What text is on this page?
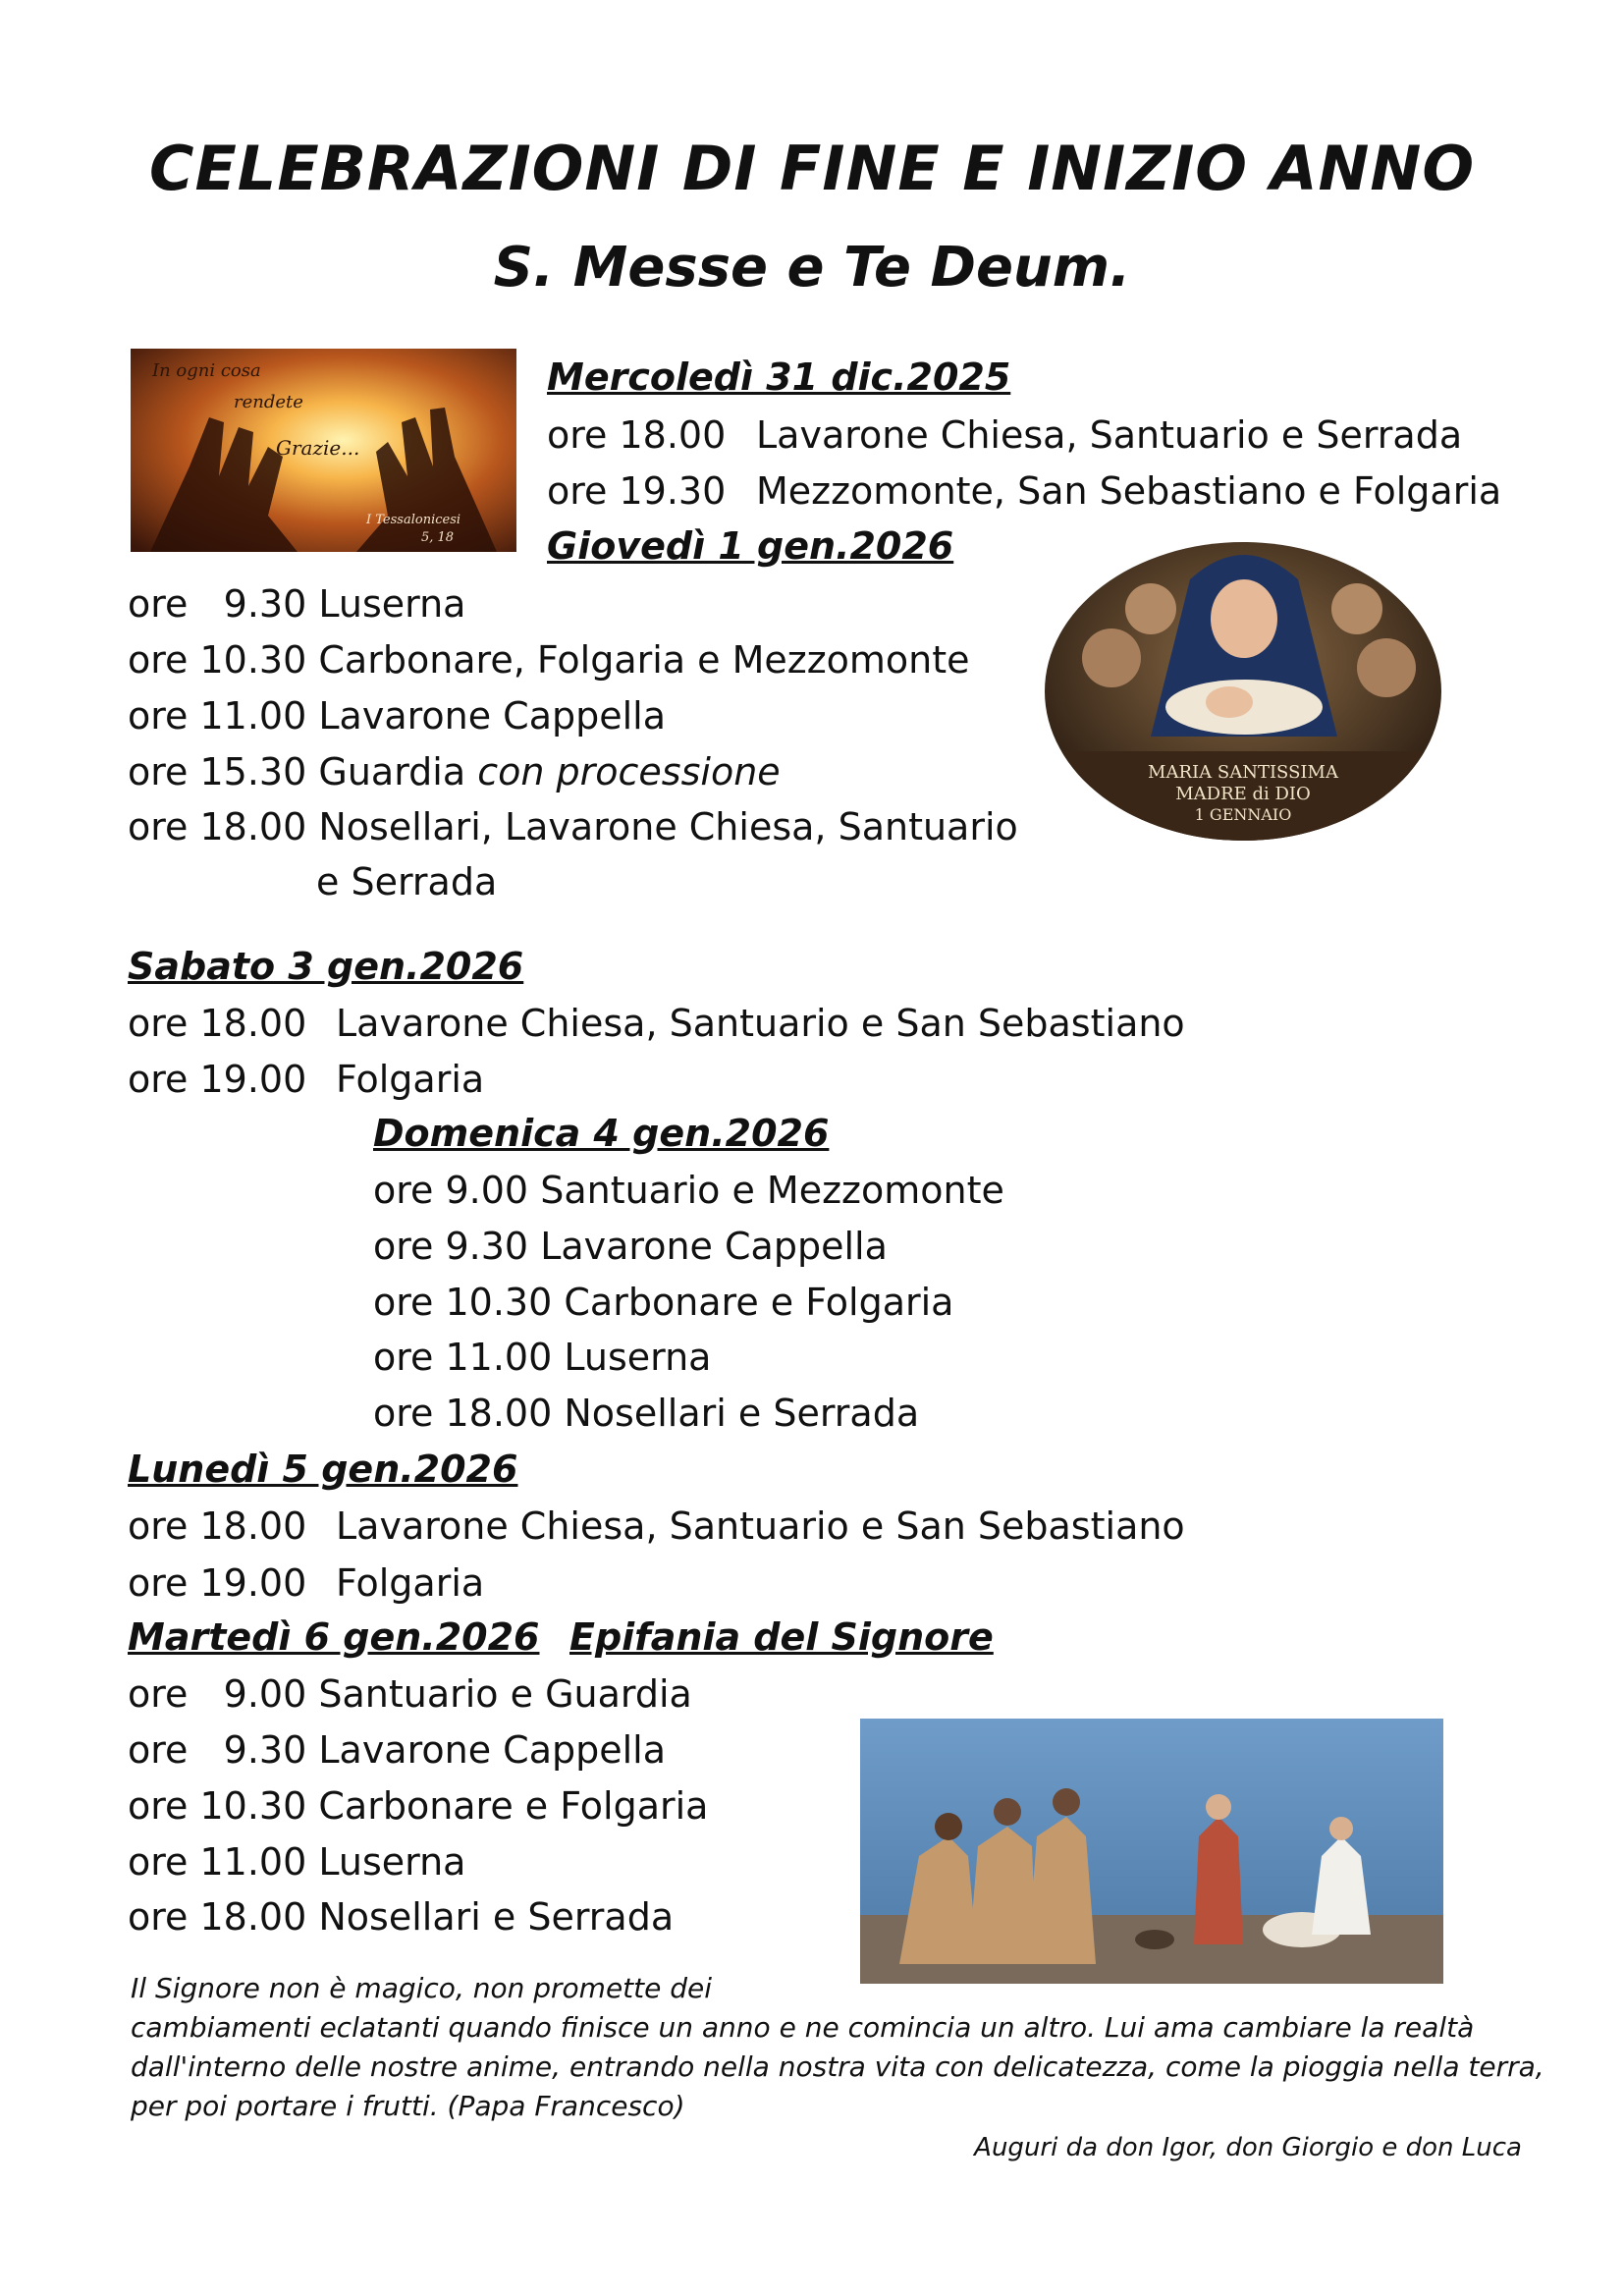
CELEBRAZIONI DI FINE E INIZIO ANNO
S. Messe e Te Deum.
In ogni cosa
rendete
Grazie...
I Tessalonicesi
5, 18
MARIA SANTISSIMA
MADRE di DIO
1 GENNAIO
Mercoledì 31 dic.2025
ore 18.00 Lavarone Chiesa, Santuario e Serrada
ore 19.30 Mezzomonte, San Sebastiano e Folgaria
Giovedì 1 gen.2026
ore   9.30 Luserna
ore 10.30 Carbonare, Folgaria e Mezzomonte
ore 11.00 Lavarone Cappella
ore 15.30 Guardia con processione
ore 18.00 Nosellari, Lavarone Chiesa, Santuario
e Serrada
Sabato 3 gen.2026
ore 18.00 Lavarone Chiesa, Santuario e San Sebastiano
ore 19.00 Folgaria
Domenica 4 gen.2026
ore 9.00 Santuario e Mezzomonte
ore 9.30 Lavarone Cappella
ore 10.30 Carbonare e Folgaria
ore 11.00 Luserna
ore 18.00 Nosellari e Serrada
Lunedì 5 gen.2026
ore 18.00 Lavarone Chiesa, Santuario e San Sebastiano
ore 19.00 Folgaria
Martedì 6 gen.2026 Epifania del Signore
ore   9.00 Santuario e Guardia
ore   9.30 Lavarone Cappella
ore 10.30 Carbonare e Folgaria
ore 11.00 Luserna
ore 18.00 Nosellari e Serrada
Il Signore non è magico, non promette dei
cambiamenti eclatanti quando finisce un anno e ne comincia un altro. Lui ama cambiare la realtà
dall'interno delle nostre anime, entrando nella nostra vita con delicatezza, come la pioggia nella terra,
per poi portare i frutti. (Papa Francesco)
Auguri da don Igor, don Giorgio e don Luca
